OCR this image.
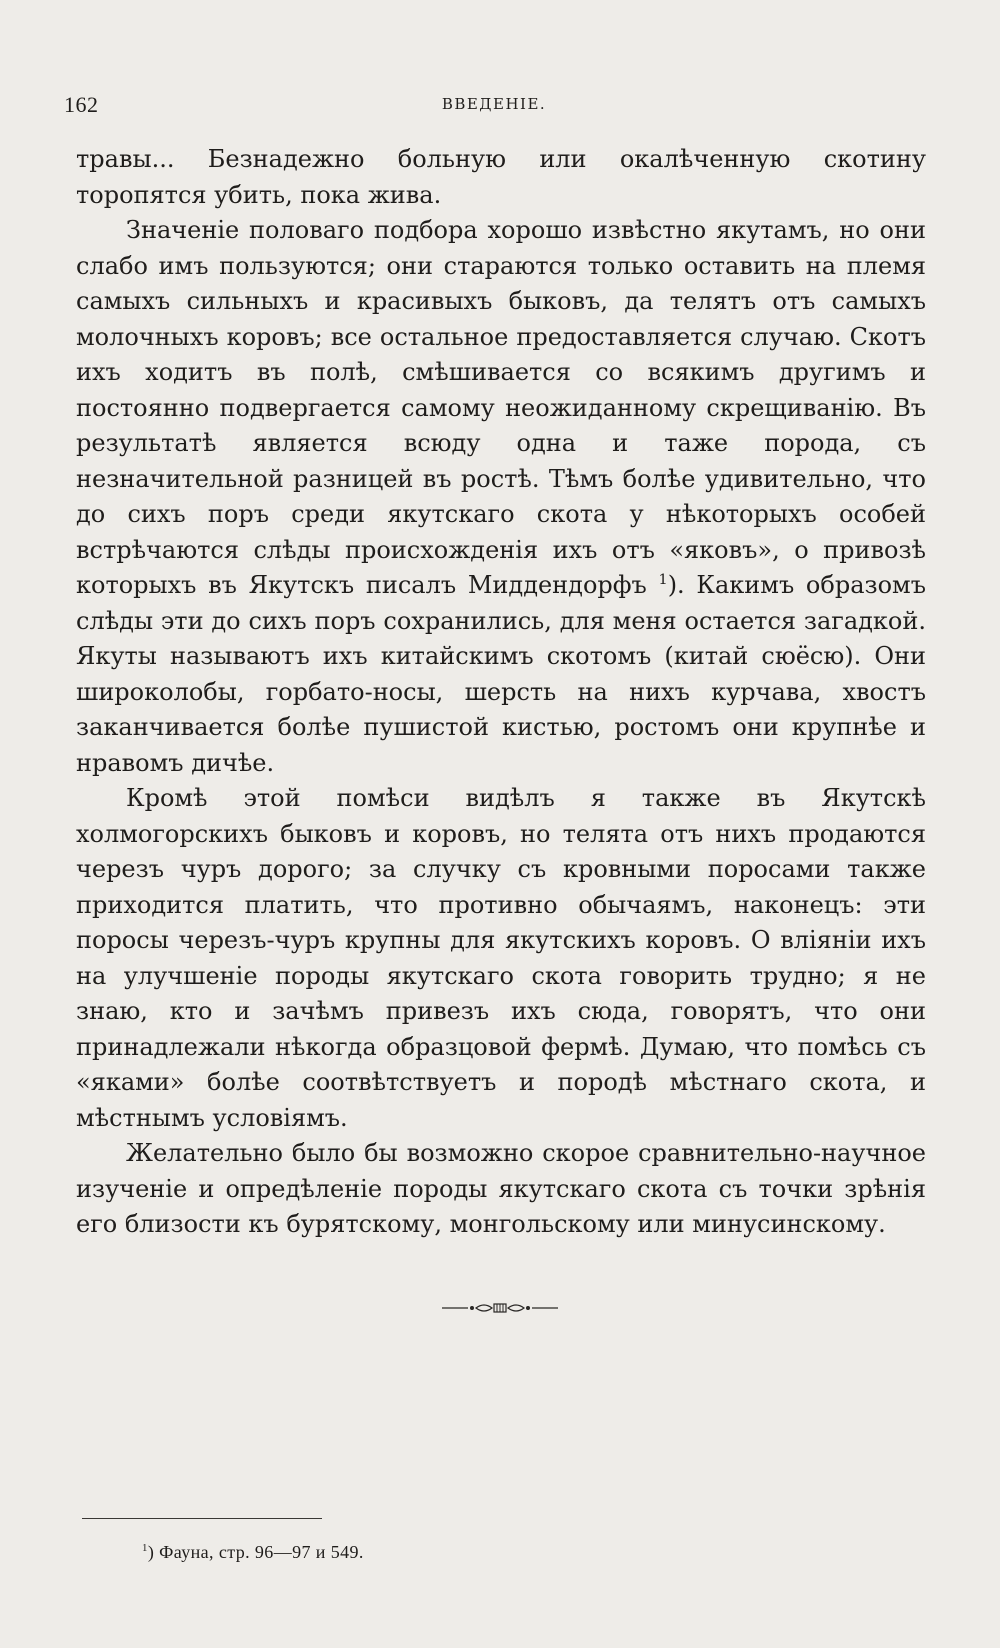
162	ВВЕДЕНІЕ.

травы... Безнадежно больную или окалѣченную скотину торопятся убить, пока жива.

Значеніе половаго подбора хорошо извѣстно якутамъ, но они слабо имъ пользуются; они стараются только оставить на племя самыхъ сильныхъ и красивыхъ быковъ, да телятъ отъ самыхъ молочныхъ коровъ; все остальное предоставляется случаю. Скотъ ихъ ходитъ въ полѣ, смѣшивается со всякимъ другимъ и постоянно подвергается самому неожиданному скрещиванію. Въ результатѣ является всюду одна и таже порода, съ незначительной разницей въ ростѣ. Тѣмъ болѣе удивительно, что до сихъ поръ среди якутскаго скота у нѣкоторыхъ особей встрѣчаются слѣды происхожденія ихъ отъ «яковъ», о привозѣ которыхъ въ Якутскъ писалъ Миддендорфъ $^1$). Какимъ образомъ слѣды эти до сихъ поръ сохранились, для меня остается загадкой. Якуты называютъ ихъ китайскимъ скотомъ (китай сюёсю). Они широколобы, горбато-носы, шерсть на нихъ курчава, хвостъ заканчивается болѣе пушистой кистью, ростомъ они крупнѣе и нравомъ дичѣе.

Кромѣ этой помѣси видѣлъ я также въ Якутскѣ холмогорскихъ быковъ и коровъ, но телята отъ нихъ продаются черезъ чуръ дорого; за случку съ кровными поросами также приходится платить, что противно обычаямъ, наконецъ: эти поросы черезъ-чуръ крупны для якутскихъ коровъ. О вліяніи ихъ на улучшеніе породы якутскаго скота говорить трудно; я не знаю, кто и зачѣмъ привезъ ихъ сюда, говорятъ, что они принадлежали нѣкогда образцовой фермѣ. Думаю, что помѣсь съ «яками» болѣе соотвѣтствуетъ и породѣ мѣстнаго скота, и мѣстнымъ условіямъ.

Желательно было бы возможно скорое сравнительно-научное изученіе и опредѣленіе породы якутскаго скота съ точки зрѣнія его близости къ бурятскому, монгольскому или минусинскому.

$^1$) Фауна, стр. 96—97 и 549.
